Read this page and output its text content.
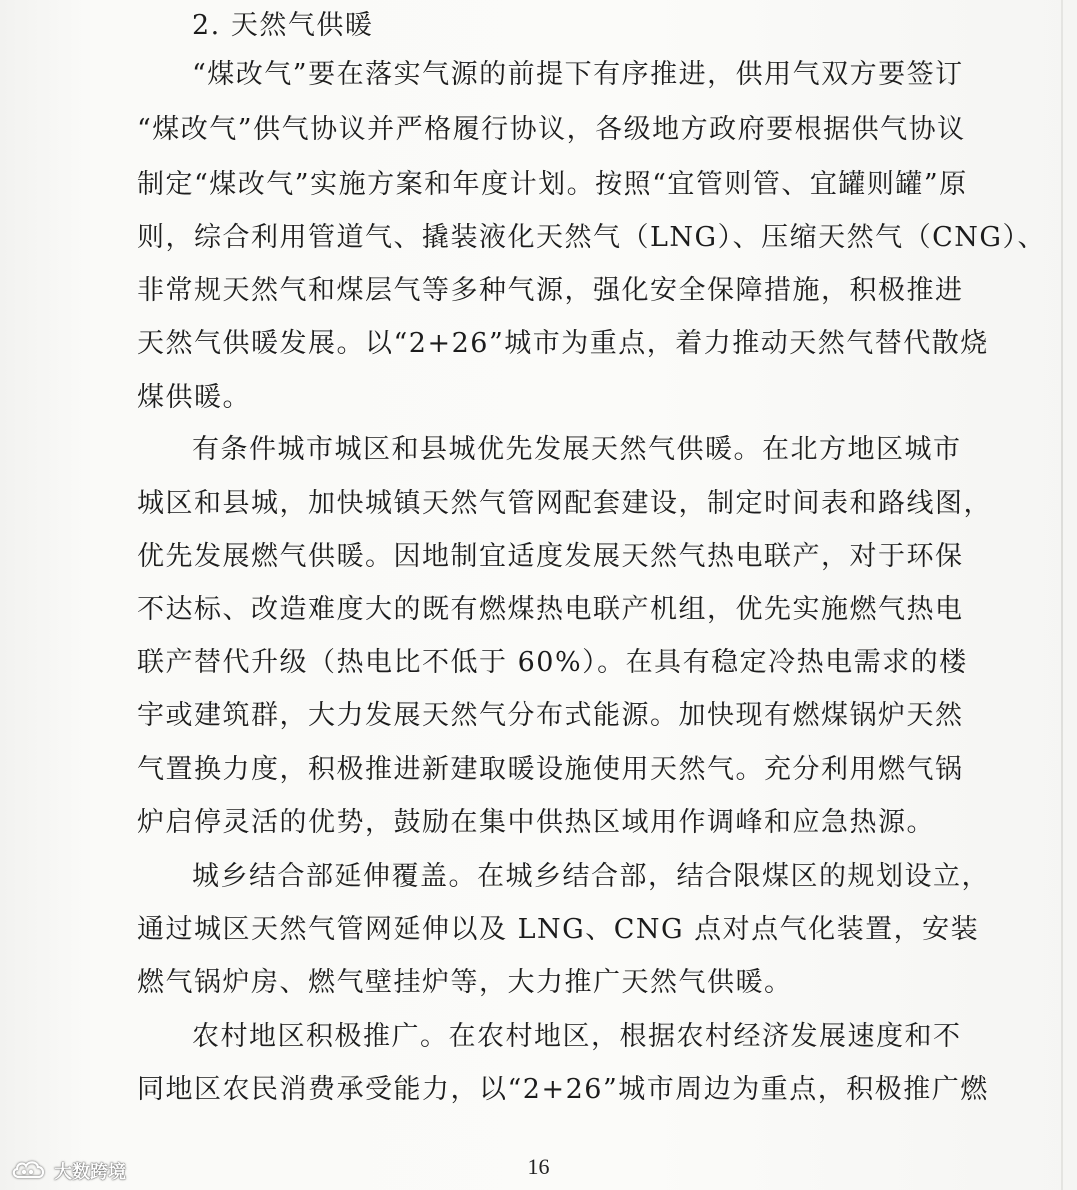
2. 天然气供暖
“煤改气”要在落实气源的前提下有序推进，供用气双方要签订
“煤改气”供气协议并严格履行协议，各级地方政府要根据供气协议
制定“煤改气”实施方案和年度计划。按照“宜管则管、宜罐则罐”原
则，综合利用管道气、撬装液化天然气（LNG）、压缩天然气（CNG）、
非常规天然气和煤层气等多种气源，强化安全保障措施，积极推进
天然气供暖发展。以“2+26”城市为重点，着力推动天然气替代散烧
煤供暖。
有条件城市城区和县城优先发展天然气供暖。在北方地区城市
城区和县城，加快城镇天然气管网配套建设，制定时间表和路线图，
优先发展燃气供暖。因地制宜适度发展天然气热电联产，对于环保
不达标、改造难度大的既有燃煤热电联产机组，优先实施燃气热电
联产替代升级（热电比不低于 60%）。在具有稳定冷热电需求的楼
宇或建筑群，大力发展天然气分布式能源。加快现有燃煤锅炉天然
气置换力度，积极推进新建取暖设施使用天然气。充分利用燃气锅
炉启停灵活的优势，鼓励在集中供热区域用作调峰和应急热源。
城乡结合部延伸覆盖。在城乡结合部，结合限煤区的规划设立，
通过城区天然气管网延伸以及 LNG、CNG 点对点气化装置，安装
燃气锅炉房、燃气壁挂炉等，大力推广天然气供暖。
农村地区积极推广。在农村地区，根据农村经济发展速度和不
同地区农民消费承受能力，以“2+26”城市周边为重点，积极推广燃
16
大数跨境
